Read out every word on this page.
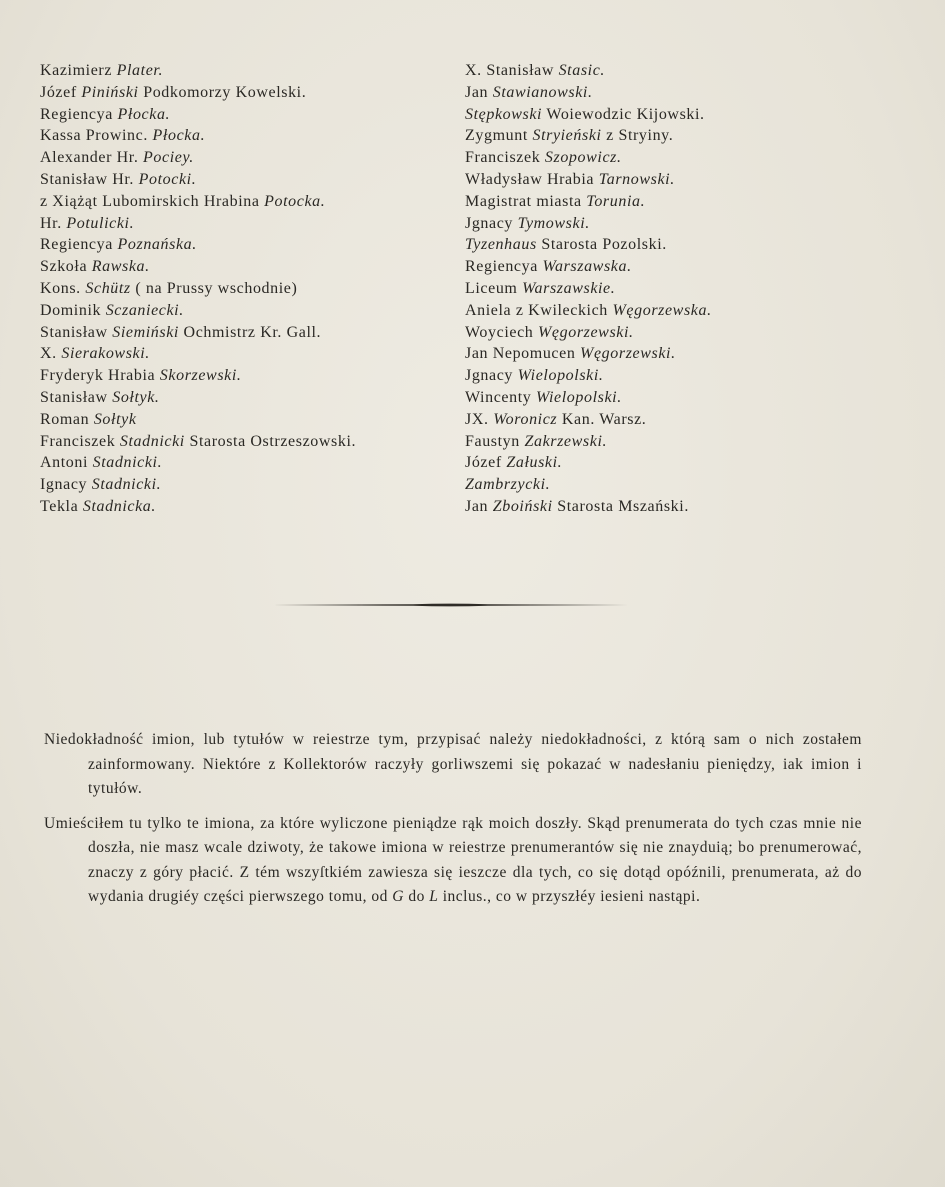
Kazimierz Plater.
Józef Piniński Podkomorzy Kowelski.
Regiencya Płocka.
Kassa Prowinc. Płocka.
Alexander Hr. Pociey.
Stanisław Hr. Potocki.
z Xiążąt Lubomirskich Hrabina Potocka.
Hr. Potulicki.
Regiencya Poznańska.
Szkoła Rawska.
Kons. Schütz ( na Prussy wschodnie)
Dominik Sczaniecki.
Stanisław Siemiński Ochmistrz Kr. Gall.
X. Sierakowski.
Fryderyk Hrabia Skorzewski.
Stanisław Sołtyk.
Roman Sołtyk
Franciszek Stadnicki Starosta Ostrzeszowski.
Antoni Stadnicki.
Ignacy Stadnicki.
Tekla Stadnicka.
X. Stanisław Stasic.
Jan Stawianowski.
Stępkowski Woiewodzic Kijowski.
Zygmunt Stryieński z Stryiny.
Franciszek Szopowicz.
Władysław Hrabia Tarnowski.
Magistrat miasta Torunia.
Jgnacy Tymowski.
Tyzenhaus Starosta Pozolski.
Regiencya Warszawska.
Liceum Warszawskie.
Aniela z Kwileckich Węgorzewska.
Woyciech Węgorzewski.
Jan Nepomucen Węgorzewski.
Jgnacy Wielopolski.
Wincenty Wielopolski.
JX. Woronicz Kan. Warsz.
Faustyn Zakrzewski.
Józef Załuski.
Zambrzycki.
Jan Zboiński Starosta Mszański.

Niedokładność imion, lub tytułów w reiestrze tym, przypisać należy niedokładności, z którą sam o nich zostałem zainformowany. Niektóre z Kollektorów raczyły gorliwszemi się pokazać w nadesłaniu pieniędzy, iak imion i tytułów.

Umieściłem tu tylko te imiona, za które wyliczone pieniądze rąk moich doszły. Skąd prenumerata do tych czas mnie nie doszła, nie masz wcale dziwoty, że takowe imiona w reiestrze prenumerantów się nie znayduią; bo prenumerować, znaczy z góry płacić. Z tém wszyſtkiém zawiesza się ieszcze dla tych, co się dotąd opóźnili, prenumerata, aż do wydania drugiéy części pierwszego tomu, od G do L inclus., co w przyszłéy iesieni nastąpi.
